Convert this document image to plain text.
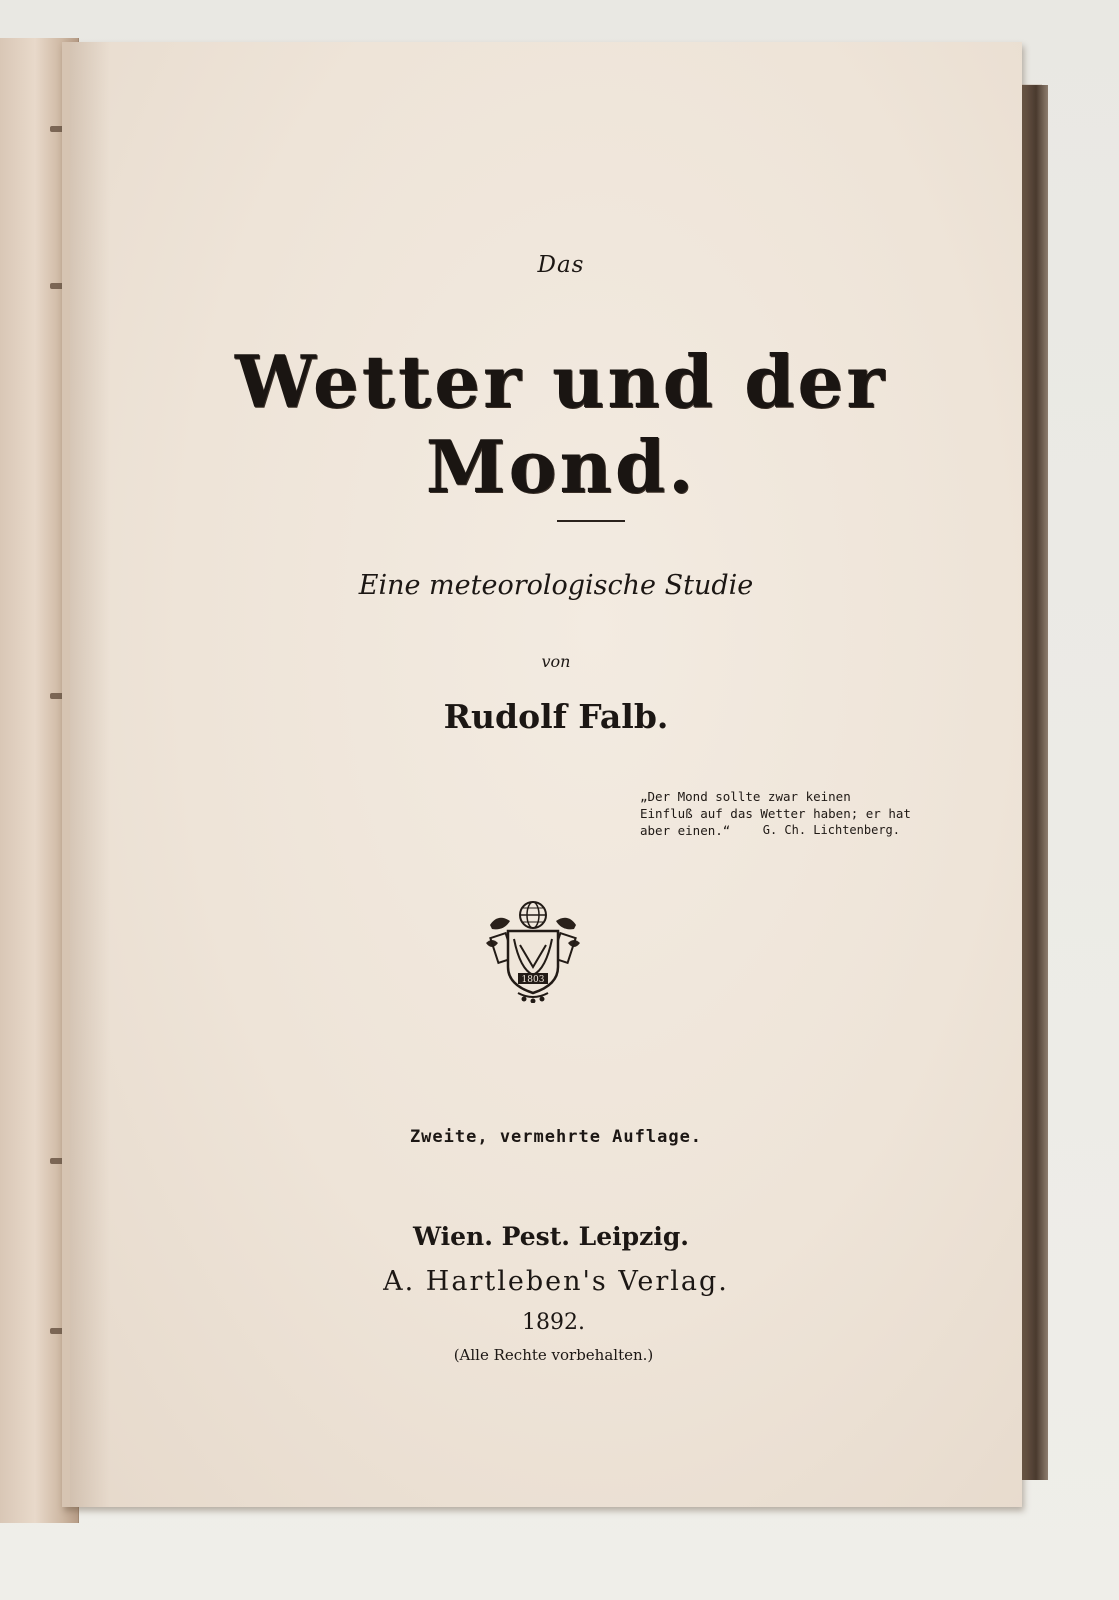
Das

Wetter und der Mond.

Eine meteorologische Studie

von

Rudolf Falb.

„Der Mond sollte zwar keinen
Einfluß auf das Wetter haben; er hat
aber einen.“	G. Ch. Lichtenberg.
1803

Zweite, vermehrte Auflage.

Wien. Pest. Leipzig.

A. Hartleben's Verlag.

1892.

(Alle Rechte vorbehalten.)
